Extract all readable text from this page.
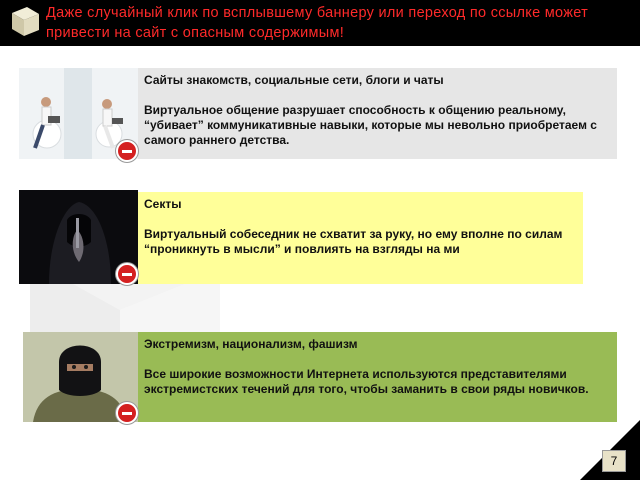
Даже случайный клик по всплывшему баннеру или переход по ссылке может привести на сайт с опасным содержимым!
Сайты знакомств, социальные сети, блоги и чаты
Виртуальное общение разрушает способность к общению реальному, “убивает” коммуникативные навыки, которые мы невольно приобретаем с самого раннего детства.
Секты
Виртуальный собеседник не схватит за руку, но ему вполне по силам “проникнуть в мысли” и повлиять на взгляды на ми
Экстремизм, национализм, фашизм
Все широкие возможности Интернета используются представителями экстремистских течений для того, чтобы заманить в свои ряды новичков.
7
